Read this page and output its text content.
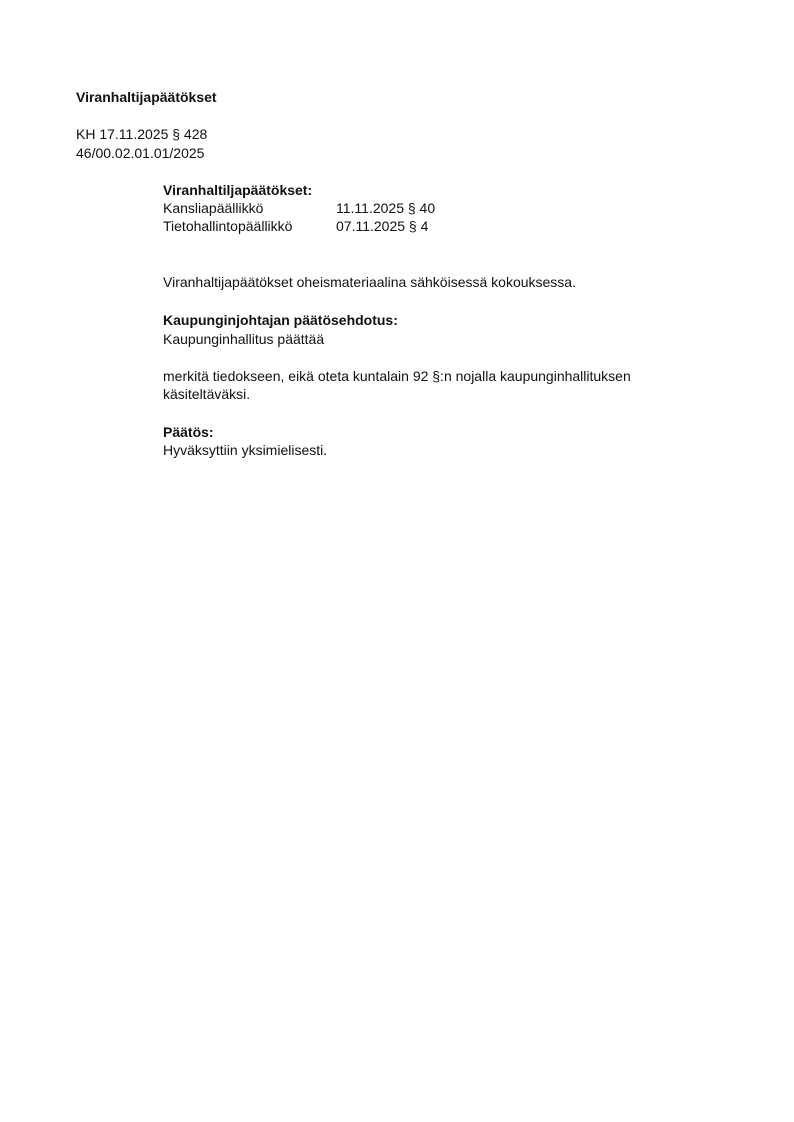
Viranhaltijapäätökset
KH 17.11.2025 § 428
46/00.02.01.01/2025
Viranhaltiljapäätökset:
Kansliapäällikkö	11.11.2025 § 40
Tietohallintopäällikkö	07.11.2025 § 4
Viranhaltijapäätökset oheismateriaalina sähköisessä kokouksessa.
Kaupunginjohtajan päätösehdotus:
Kaupunginhallitus päättää
merkitä tiedokseen, eikä oteta kuntalain 92 §:n nojalla kaupunginhallituksen käsiteltäväksi.
Päätös:
Hyväksyttiin yksimielisesti.
